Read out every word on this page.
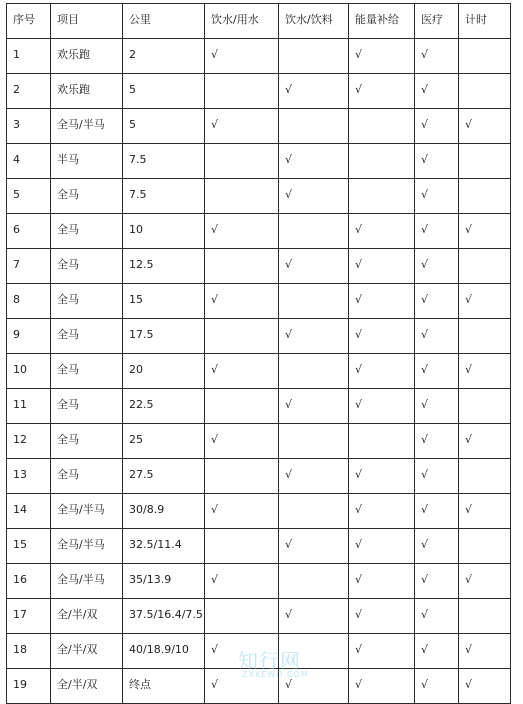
序号	项目	公里	饮水/用水	饮水/饮料	能量补给	医疗	计时
1	欢乐跑	2	√		√	√	
2	欢乐跑	5		√	√	√	
3	全马/半马	5	√			√	√
4	半马	7.5		√		√	
5	全马	7.5		√		√	
6	全马	10	√		√	√	√
7	全马	12.5		√	√	√	
8	全马	15	√		√	√	√
9	全马	17.5		√	√	√	
10	全马	20	√		√	√	√
11	全马	22.5		√	√	√	
12	全马	25	√			√	√
13	全马	27.5		√	√	√	
14	全马/半马	30/8.9	√		√	√	√
15	全马/半马	32.5/11.4		√	√	√	
16	全马/半马	35/13.9	√		√	√	√
17	全/半/双	37.5/16.4/7.5		√	√	√	
18	全/半/双	40/18.9/10	√		√	√	√
19	全/半/双	终点	√	√	√	√	√
知行网
ZXKEWD.COM
